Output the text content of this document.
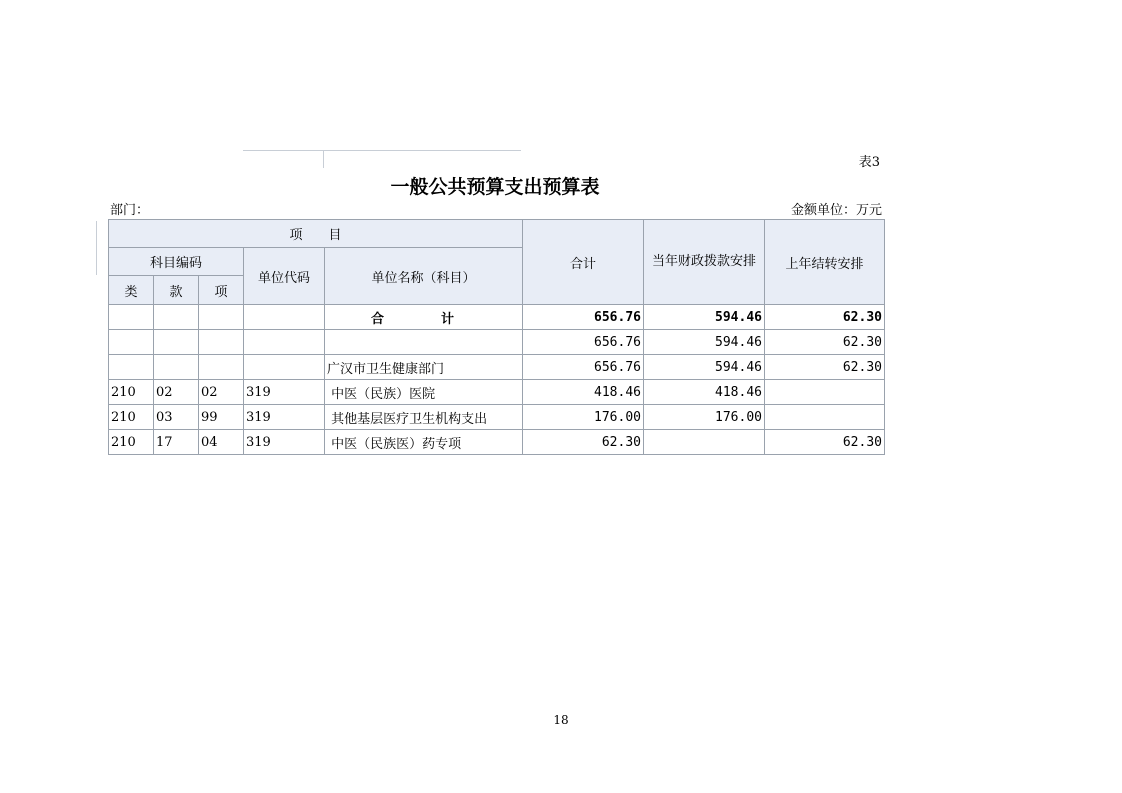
表3
一般公共预算支出预算表
部门：	金额单位：万元
项　　目					合计	当年财政拨款安排	上年结转安排
科目编码			单位代码	单位名称（科目）			
类	款	项					
				合　计	656.76	594.46	62.30
					656.76	594.46	62.30
				广汉市卫生健康部门	656.76	594.46	62.30
210	02	02	319	中医（民族）医院	418.46	418.46	
210	03	99	319	其他基层医疗卫生机构支出	176.00	176.00	
210	17	04	319	中医（民族医）药专项	62.30		62.30
18
